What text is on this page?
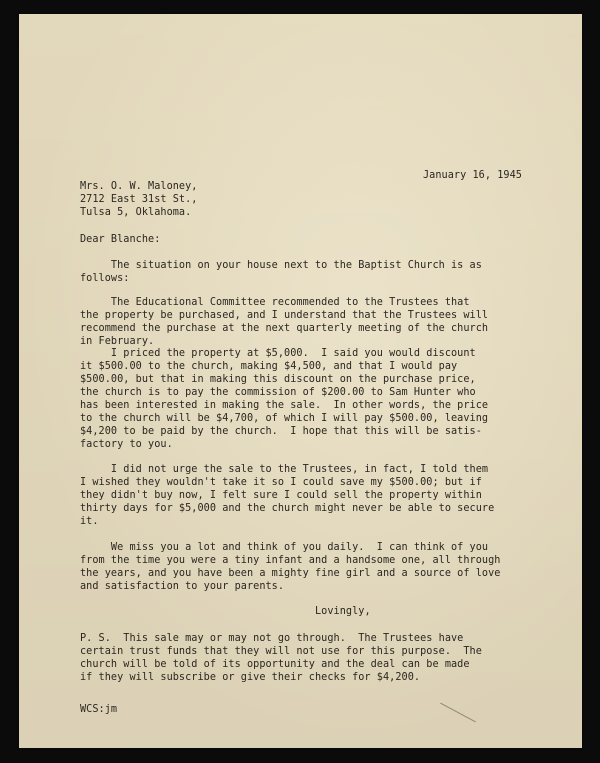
January 16, 1945

Mrs. O. W. Maloney,

2712 East 31st St.,

Tulsa 5, Oklahoma.

Dear Blanche:

The situation on your house next to the Baptist Church is as

follows:

The Educational Committee recommended to the Trustees that

the property be purchased, and I understand that the Trustees will

recommend the purchase at the next quarterly meeting of the church

in February.

I priced the property at $5,000.  I said you would discount

it $500.00 to the church, making $4,500, and that I would pay

$500.00, but that in making this discount on the purchase price,

the church is to pay the commission of $200.00 to Sam Hunter who

has been interested in making the sale.  In other words, the price

to the church will be $4,700, of which I will pay $500.00, leaving

$4,200 to be paid by the church.  I hope that this will be satis-

factory to you.

I did not urge the sale to the Trustees, in fact, I told them

I wished they wouldn't take it so I could save my $500.00; but if

they didn't buy now, I felt sure I could sell the property within

thirty days for $5,000 and the church might never be able to secure

it.

We miss you a lot and think of you daily.  I can think of you

from the time you were a tiny infant and a handsome one, all through

the years, and you have been a mighty fine girl and a source of love

and satisfaction to your parents.

Lovingly,

P. S.  This sale may or may not go through.  The Trustees have

certain trust funds that they will not use for this purpose.  The

church will be told of its opportunity and the deal can be made

if they will subscribe or give their checks for $4,200.

WCS:jm
